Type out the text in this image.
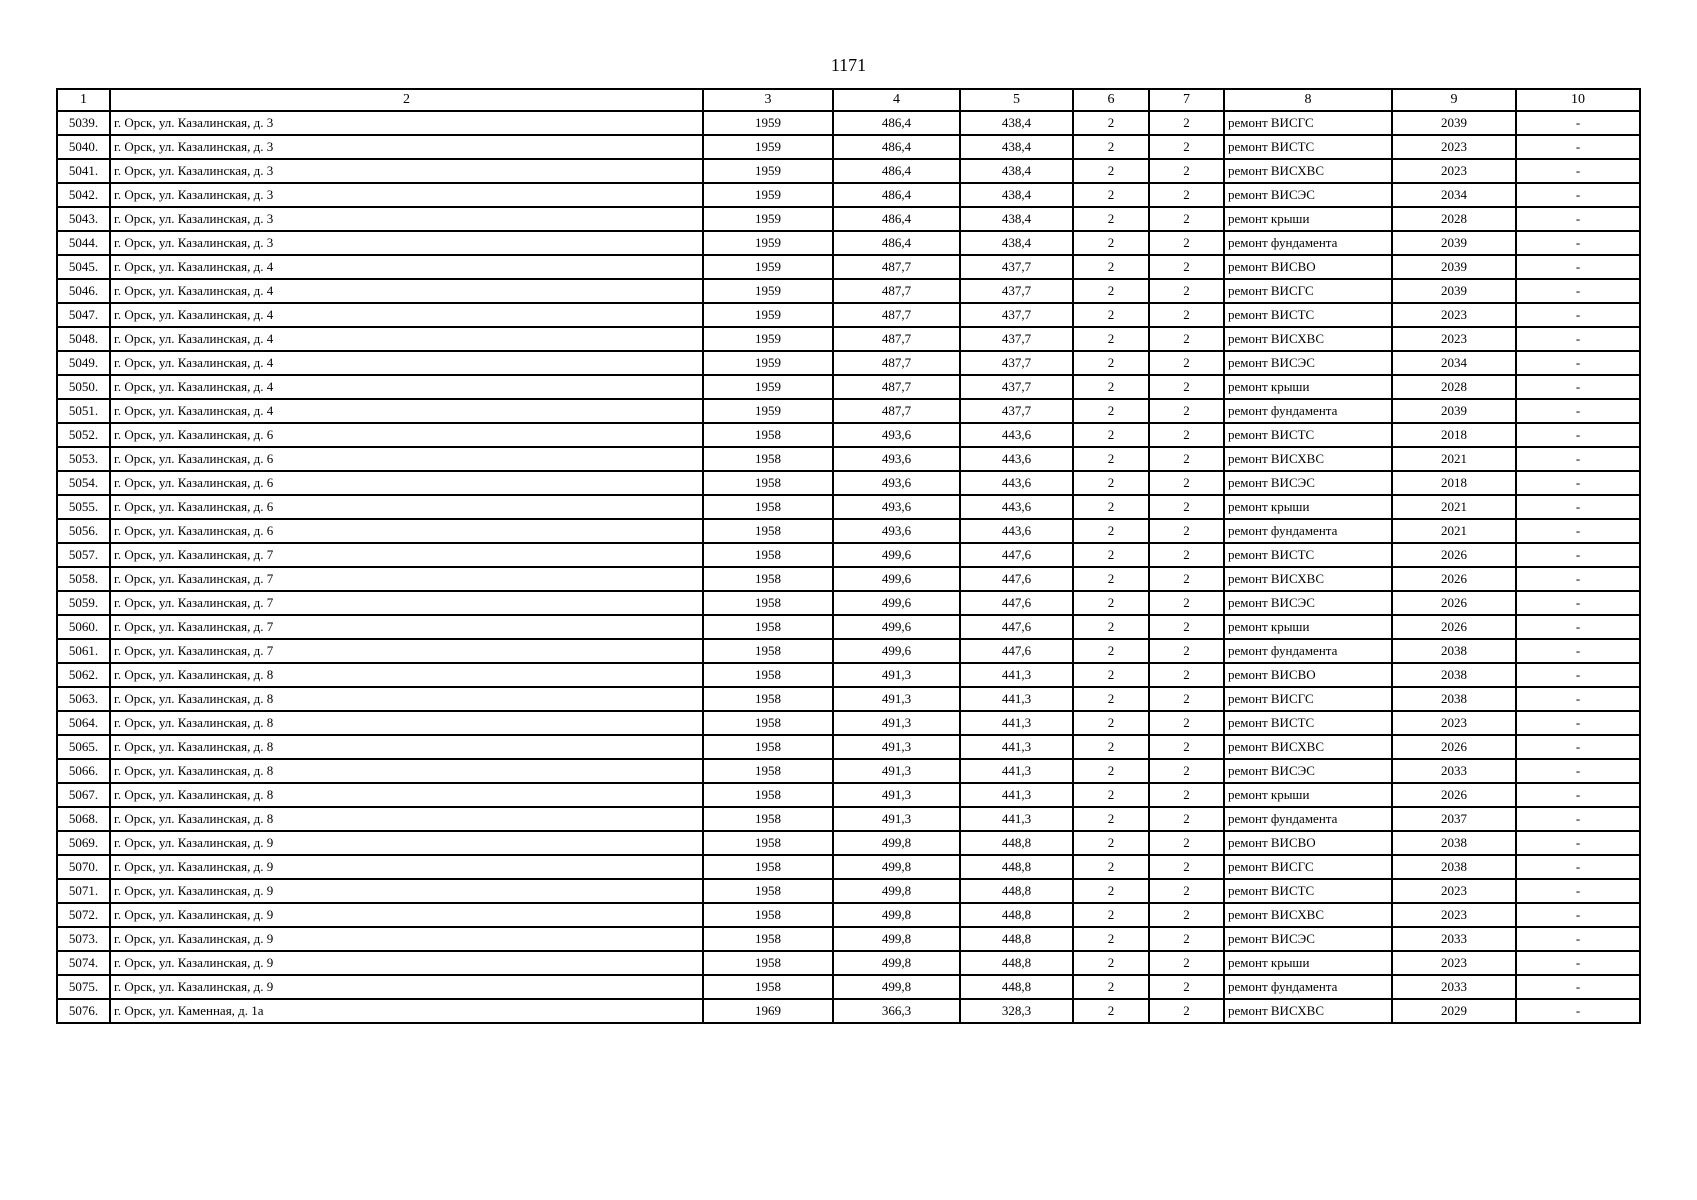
1171
1	2	3	4	5	6	7	8	9	10
5039.	г. Орск, ул. Казалинская, д. 3	1959	486,4	438,4	2	2	ремонт ВИСГС	2039	-
5040.	г. Орск, ул. Казалинская, д. 3	1959	486,4	438,4	2	2	ремонт ВИСТС	2023	-
5041.	г. Орск, ул. Казалинская, д. 3	1959	486,4	438,4	2	2	ремонт ВИСХВС	2023	-
5042.	г. Орск, ул. Казалинская, д. 3	1959	486,4	438,4	2	2	ремонт ВИСЭС	2034	-
5043.	г. Орск, ул. Казалинская, д. 3	1959	486,4	438,4	2	2	ремонт крыши	2028	-
5044.	г. Орск, ул. Казалинская, д. 3	1959	486,4	438,4	2	2	ремонт фундамента	2039	-
5045.	г. Орск, ул. Казалинская, д. 4	1959	487,7	437,7	2	2	ремонт ВИСВО	2039	-
5046.	г. Орск, ул. Казалинская, д. 4	1959	487,7	437,7	2	2	ремонт ВИСГС	2039	-
5047.	г. Орск, ул. Казалинская, д. 4	1959	487,7	437,7	2	2	ремонт ВИСТС	2023	-
5048.	г. Орск, ул. Казалинская, д. 4	1959	487,7	437,7	2	2	ремонт ВИСХВС	2023	-
5049.	г. Орск, ул. Казалинская, д. 4	1959	487,7	437,7	2	2	ремонт ВИСЭС	2034	-
5050.	г. Орск, ул. Казалинская, д. 4	1959	487,7	437,7	2	2	ремонт крыши	2028	-
5051.	г. Орск, ул. Казалинская, д. 4	1959	487,7	437,7	2	2	ремонт фундамента	2039	-
5052.	г. Орск, ул. Казалинская, д. 6	1958	493,6	443,6	2	2	ремонт ВИСТС	2018	-
5053.	г. Орск, ул. Казалинская, д. 6	1958	493,6	443,6	2	2	ремонт ВИСХВС	2021	-
5054.	г. Орск, ул. Казалинская, д. 6	1958	493,6	443,6	2	2	ремонт ВИСЭС	2018	-
5055.	г. Орск, ул. Казалинская, д. 6	1958	493,6	443,6	2	2	ремонт крыши	2021	-
5056.	г. Орск, ул. Казалинская, д. 6	1958	493,6	443,6	2	2	ремонт фундамента	2021	-
5057.	г. Орск, ул. Казалинская, д. 7	1958	499,6	447,6	2	2	ремонт ВИСТС	2026	-
5058.	г. Орск, ул. Казалинская, д. 7	1958	499,6	447,6	2	2	ремонт ВИСХВС	2026	-
5059.	г. Орск, ул. Казалинская, д. 7	1958	499,6	447,6	2	2	ремонт ВИСЭС	2026	-
5060.	г. Орск, ул. Казалинская, д. 7	1958	499,6	447,6	2	2	ремонт крыши	2026	-
5061.	г. Орск, ул. Казалинская, д. 7	1958	499,6	447,6	2	2	ремонт фундамента	2038	-
5062.	г. Орск, ул. Казалинская, д. 8	1958	491,3	441,3	2	2	ремонт ВИСВО	2038	-
5063.	г. Орск, ул. Казалинская, д. 8	1958	491,3	441,3	2	2	ремонт ВИСГС	2038	-
5064.	г. Орск, ул. Казалинская, д. 8	1958	491,3	441,3	2	2	ремонт ВИСТС	2023	-
5065.	г. Орск, ул. Казалинская, д. 8	1958	491,3	441,3	2	2	ремонт ВИСХВС	2026	-
5066.	г. Орск, ул. Казалинская, д. 8	1958	491,3	441,3	2	2	ремонт ВИСЭС	2033	-
5067.	г. Орск, ул. Казалинская, д. 8	1958	491,3	441,3	2	2	ремонт крыши	2026	-
5068.	г. Орск, ул. Казалинская, д. 8	1958	491,3	441,3	2	2	ремонт фундамента	2037	-
5069.	г. Орск, ул. Казалинская, д. 9	1958	499,8	448,8	2	2	ремонт ВИСВО	2038	-
5070.	г. Орск, ул. Казалинская, д. 9	1958	499,8	448,8	2	2	ремонт ВИСГС	2038	-
5071.	г. Орск, ул. Казалинская, д. 9	1958	499,8	448,8	2	2	ремонт ВИСТС	2023	-
5072.	г. Орск, ул. Казалинская, д. 9	1958	499,8	448,8	2	2	ремонт ВИСХВС	2023	-
5073.	г. Орск, ул. Казалинская, д. 9	1958	499,8	448,8	2	2	ремонт ВИСЭС	2033	-
5074.	г. Орск, ул. Казалинская, д. 9	1958	499,8	448,8	2	2	ремонт крыши	2023	-
5075.	г. Орск, ул. Казалинская, д. 9	1958	499,8	448,8	2	2	ремонт фундамента	2033	-
5076.	г. Орск, ул. Каменная, д. 1а	1969	366,3	328,3	2	2	ремонт ВИСХВС	2029	-
